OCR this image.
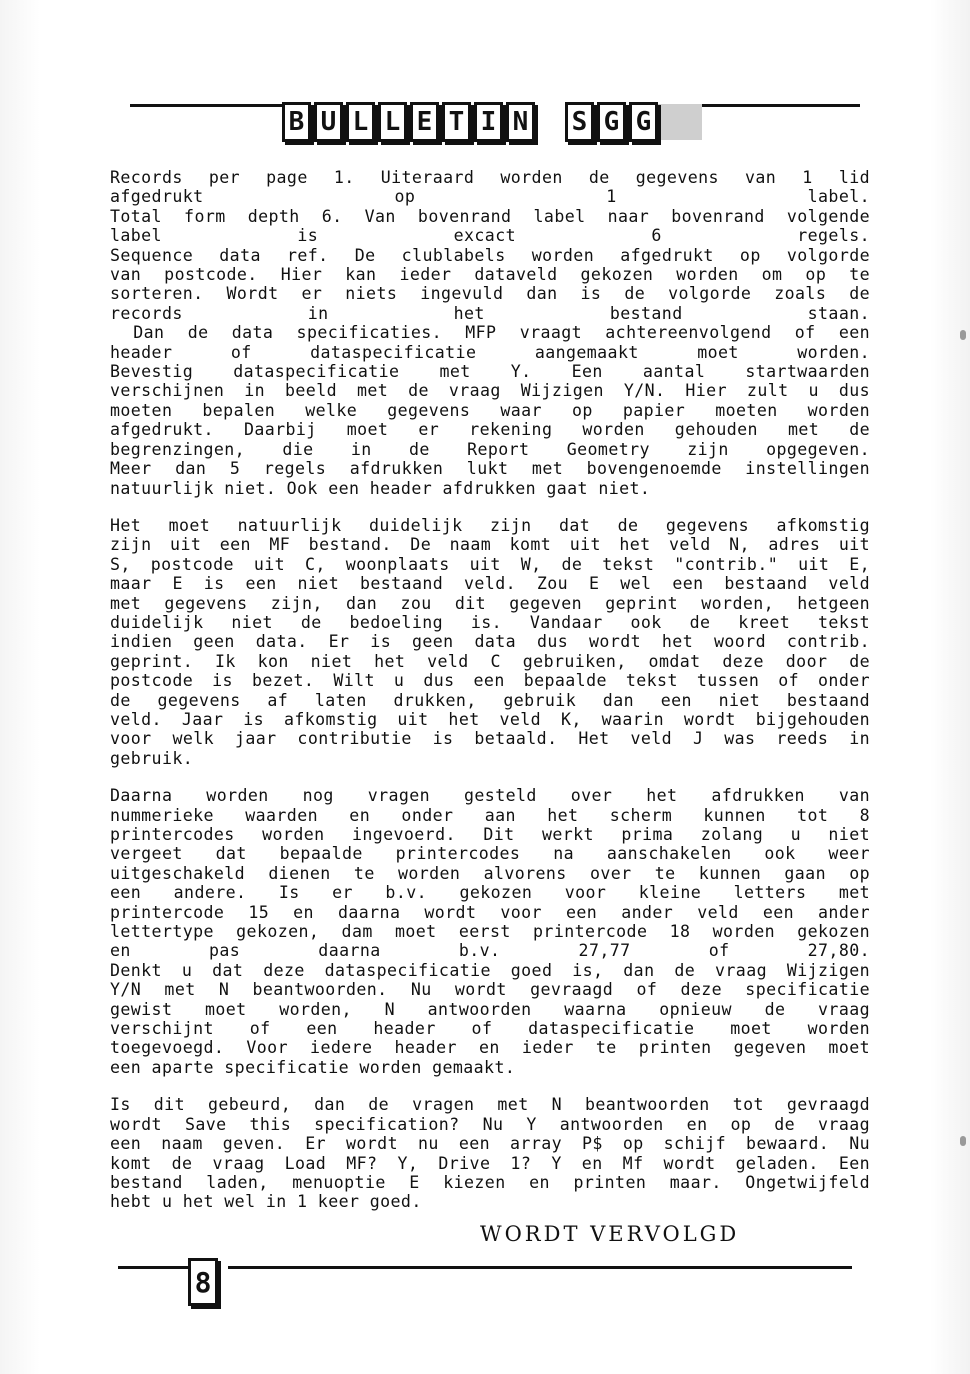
B U L L E T I N S G G
Records per page 1. Uiteraard worden de gegevens van 1 lid
afgedrukt op 1 label.
Total form depth 6. Van bovenrand label naar bovenrand volgende
label is excact 6 regels.
Sequence data ref. De clublabels worden afgedrukt op volgorde
van postcode. Hier kan ieder dataveld gekozen worden om op te
sorteren. Wordt er niets ingevuld dan is de volgorde zoals de
records in het bestand staan.
Dan de data specificaties. MFP vraagt achtereenvolgend of een
header of dataspecificatie aangemaakt moet worden.
Bevestig dataspecificatie met Y. Een aantal startwaarden
verschijnen in beeld met de vraag Wijzigen Y/N. Hier zult u dus
moeten bepalen welke gegevens waar op papier moeten worden
afgedrukt. Daarbij moet er rekening worden gehouden met de
begrenzingen, die in de Report Geometry zijn opgegeven.
Meer dan 5 regels afdrukken lukt met bovengenoemde instellingen
natuurlijk niet. Ook een header afdrukken gaat niet.
Het moet natuurlijk duidelijk zijn dat de gegevens afkomstig
zijn uit een MF bestand. De naam komt uit het veld N, adres uit
S, postcode uit C, woonplaats uit W, de tekst "contrib." uit E,
maar E is een niet bestaand veld. Zou E wel een bestaand veld
met gegevens zijn, dan zou dit gegeven geprint worden, hetgeen
duidelijk niet de bedoeling is. Vandaar ook de kreet tekst
indien geen data. Er is geen data dus wordt het woord contrib.
geprint. Ik kon niet het veld C gebruiken, omdat deze door de
postcode is bezet. Wilt u dus een bepaalde tekst tussen of onder
de gegevens af laten drukken, gebruik dan een niet bestaand
veld. Jaar is afkomstig uit het veld K, waarin wordt bijgehouden
voor welk jaar contributie is betaald. Het veld J was reeds in
gebruik.
Daarna worden nog vragen gesteld over het afdrukken van
nummerieke waarden en onder aan het scherm kunnen tot 8
printercodes worden ingevoerd. Dit werkt prima zolang u niet
vergeet dat bepaalde printercodes na aanschakelen ook weer
uitgeschakeld dienen te worden alvorens over te kunnen gaan op
een andere. Is er b.v. gekozen voor kleine letters met
printercode 15 en daarna wordt voor een ander veld een ander
lettertype gekozen, dam moet eerst printercode 18 worden gekozen
en pas daarna b.v. 27,77 of 27,80.
Denkt u dat deze dataspecificatie goed is, dan de vraag Wijzigen
Y/N met N beantwoorden. Nu wordt gevraagd of deze specificatie
gewist moet worden, N antwoorden waarna opnieuw de vraag
verschijnt of een header of dataspecificatie moet worden
toegevoegd. Voor iedere header en ieder te printen gegeven moet
een aparte specificatie worden gemaakt.
Is dit gebeurd, dan de vragen met N beantwoorden tot gevraagd
wordt Save this specification? Nu Y antwoorden en op de vraag
een naam geven. Er wordt nu een array P$ op schijf bewaard. Nu
komt de vraag Load MF? Y, Drive 1? Y en Mf wordt geladen. Een
bestand laden, menuoptie E kiezen en printen maar. Ongetwijfeld
hebt u het wel in 1 keer goed.
WORDT VERVOLGD
8
